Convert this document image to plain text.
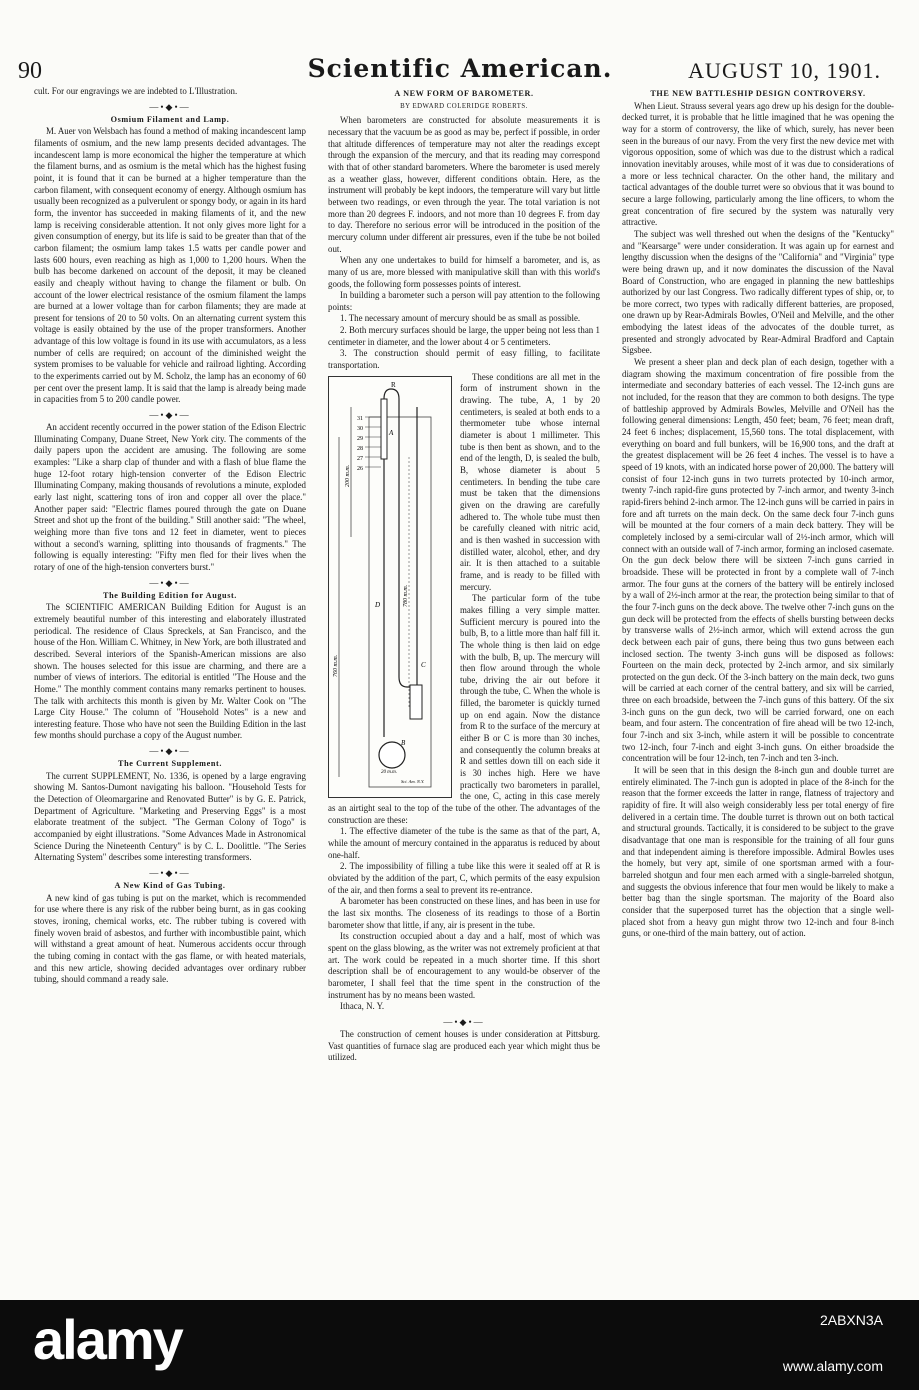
90	Scientific American.	AUGUST 10, 1901.

cult. For our engravings we are indebted to L'Illustration.

—•◆•—
Osmium Filament and Lamp.

M. Auer von Welsbach has found a method of making incandescent lamp filaments of osmium, and the new lamp presents decided advantages. The incandescent lamp is more economical the higher the temperature at which the filament burns, and as osmium is the metal which has the highest fusing point, it is found that it can be burned at a higher temperature than the carbon filament, with consequent economy of energy. Although osmium has usually been recognized as a pulverulent or spongy body, or again in its hard form, the inventor has succeeded in making filaments of it, and the new lamp is receiving considerable attention. It not only gives more light for a given consumption of energy, but its life is said to be greater than that of the carbon filament; the osmium lamp takes 1.5 watts per candle power and lasts 600 hours, even reaching as high as 1,000 to 1,200 hours. When the bulb has become darkened on account of the deposit, it may be cleaned easily and cheaply without having to change the filament or bulb. On account of the lower electrical resistance of the osmium filament the lamps are burned at a lower voltage than for carbon filaments; they are made at present for tensions of 20 to 50 volts. On an alternating current system this voltage is easily obtained by the use of the proper transformers. Another advantage of this low voltage is found in its use with accumulators, as a less number of cells are required; on account of the diminished weight the system promises to be valuable for vehicle and railroad lighting. According to the experiments carried out by M. Scholz, the lamp has an economy of 60 per cent over the present lamp. It is said that the lamp is already being made in capacities from 5 to 200 candle power.

—•◆•—

An accident recently occurred in the power station of the Edison Electric Illuminating Company, Duane Street, New York city. The comments of the daily papers upon the accident are amusing. The following are some examples: "Like a sharp clap of thunder and with a flash of blue flame the huge 12-foot rotary high-tension converter of the Edison Electric Illuminating Company, making thousands of revolutions a minute, exploded early last night, scattering tons of iron and copper all over the place." Another paper said: "Electric flames poured through the gate on Duane Street and shot up the front of the building." Still another said: "The wheel, weighing more than five tons and 12 feet in diameter, went to pieces without a second's warning, splitting into thousands of fragments." The following is equally interesting: "Fifty men fled for their lives when the rotary of one of the high-tension converters burst."

—•◆•—
The Building Edition for August.

The SCIENTIFIC AMERICAN Building Edition for August is an extremely beautiful number of this interesting and elaborately illustrated periodical. The residence of Claus Spreckels, at San Francisco, and the house of the Hon. William C. Whitney, in New York, are both illustrated and described. Several interiors of the Spanish-American missions are also shown. The houses selected for this issue are charming, and there are a number of views of interiors. The editorial is entitled "The House and the Home." The monthly comment contains many remarks pertinent to houses. The talk with architects this month is given by Mr. Walter Cook on "The Large City House." The column of "Household Notes" is a new and interesting feature. Those who have not seen the Building Edition in the last few months should purchase a copy of the August number.

—•◆•—
The Current Supplement.

The current SUPPLEMENT, No. 1336, is opened by a large engraving showing M. Santos-Dumont navigating his balloon. "Household Tests for the Detection of Oleomargarine and Renovated Butter" is by G. E. Patrick, Department of Agriculture. "Marketing and Preserving Eggs" is a most elaborate treatment of the subject. "The German Colony of Togo" is accompanied by eight illustrations. "Some Advances Made in Astronomical Science During the Nineteenth Century" is by C. L. Doolittle. "The Series Alternating System" describes some interesting transformers.

—•◆•—
A New Kind of Gas Tubing.

A new kind of gas tubing is put on the market, which is recommended for use where there is any risk of the rubber being burnt, as in gas cooking stoves, ironing, chemical works, etc. The rubber tubing is covered with finely woven braid of asbestos, and further with incombustible paint, which will withstand a great amount of heat. Numerous accidents occur through the tubing coming in contact with the gas flame, or with heated materials, and this new article, showing decided advantages over ordinary rubber tubing, should command a ready sale.

A NEW FORM OF BAROMETER.
BY EDWARD COLERIDGE ROBERTS.

When barometers are constructed for absolute measurements it is necessary that the vacuum be as good as may be, perfect if possible, in order that altitude differences of temperature may not alter the readings except through the expansion of the mercury, and that its reading may correspond with that of other standard barometers. Where the barometer is used merely as a weather glass, however, different conditions obtain. Here, as the instrument will probably be kept indoors, the temperature will vary but little between two readings, or even through the year. The total variation is not more than 20 degrees F. indoors, and not more than 10 degrees F. from day to day. Therefore no serious error will be introduced in the position of the mercury column under different air pressures, even if the tube be not boiled out.

When any one undertakes to build for himself a barometer, and is, as many of us are, more blessed with manipulative skill than with this world's goods, the following form possesses points of interest.

In building a barometer such a person will pay attention to the following points:

1. The necessary amount of mercury should be as small as possible.

2. Both mercury surfaces should be large, the upper being not less than 1 centimeter in diameter, and the lower about 4 or 5 centimeters.

3. The construction should permit of easy filling, to facilitate transportation.

R
31
30
29
28
27
26
A
D
C
B
200 m.m.
780 m.m.
760 m.m.
20 m.m.
Sci. Am. N.Y.

These conditions are all met in the form of instrument shown in the drawing. The tube, A, 1 by 20 centimeters, is sealed at both ends to a thermometer tube whose internal diameter is about 1 millimeter. This tube is then bent as shown, and to the end of the length, D, is sealed the bulb, B, whose diameter is about 5 centimeters. In bending the tube care must be taken that the dimensions given on the drawing are carefully adhered to. The whole tube must then be carefully cleaned with nitric acid, and is then washed in succession with distilled water, alcohol, ether, and dry air. It is then attached to a suitable frame, and is ready to be filled with mercury.

The particular form of the tube makes filling a very simple matter. Sufficient mercury is poured into the bulb, B, to a little more than half fill it. The whole thing is then laid on edge with the bulb, B, up. The mercury will then flow around through the whole tube, driving the air out before it through the tube, C. When the whole is filled, the barometer is quickly turned up on end again. Now the distance from R to the surface of the mercury at either B or C is more than 30 inches, and consequently the column breaks at R and settles down till on each side it is 30 inches high. Here we have practically two barometers in parallel, the one, C, acting in this case merely as an airtight seal to the top of the tube of the other. The advantages of the construction are these:

1. The effective diameter of the tube is the same as that of the part, A, while the amount of mercury contained in the apparatus is reduced by about one-half.

2. The impossibility of filling a tube like this were it sealed off at R is obviated by the addition of the part, C, which permits of the easy expulsion of the air, and then forms a seal to prevent its re-entrance.

A barometer has been constructed on these lines, and has been in use for the last six months. The closeness of its readings to those of a Bortin barometer show that little, if any, air is present in the tube.

Its construction occupied about a day and a half, most of which was spent on the glass blowing, as the writer was not extremely proficient at that art. The work could be repeated in a much shorter time. If this short description shall be of encouragement to any would-be observer of the barometer, I shall feel that the time spent in the construction of the instrument has by no means been wasted.

Ithaca, N. Y.

—•◆•—

The construction of cement houses is under consideration at Pittsburg. Vast quantities of furnace slag are produced each year which might thus be utilized.

THE NEW BATTLESHIP DESIGN CONTROVERSY.

When Lieut. Strauss several years ago drew up his design for the double-decked turret, it is probable that he little imagined that he was opening the way for a storm of controversy, the like of which, surely, has never been seen in the bureaus of our navy. From the very first the new device met with vigorous opposition, some of which was due to the distrust which a radical innovation inevitably arouses, while most of it was due to considerations of a more or less technical character. On the other hand, the military and tactical advantages of the double turret were so obvious that it was bound to secure a large following, particularly among the line officers, to whom the great concentration of fire secured by the system was naturally very attractive.

The subject was well threshed out when the designs of the "Kentucky" and "Kearsarge" were under consideration. It was again up for earnest and lengthy discussion when the designs of the "California" and "Virginia" type were being drawn up, and it now dominates the discussion of the Naval Board of Construction, who are engaged in planning the new battleships authorized by our last Congress. Two radically different types of ship, or, to be more correct, two types with radically different batteries, are proposed, one drawn up by Rear-Admirals Bowles, O'Neil and Melville, and the other embodying the latest ideas of the advocates of the double turret, as presented and strongly advocated by Rear-Admiral Bradford and Captain Sigsbee.

We present a sheer plan and deck plan of each design, together with a diagram showing the maximum concentration of fire possible from the intermediate and secondary batteries of each vessel. The 12-inch guns are not included, for the reason that they are common to both designs. The type of battleship approved by Admirals Bowles, Melville and O'Neil has the following general dimensions: Length, 450 feet; beam, 76 feet; mean draft, 24 feet 6 inches; displacement, 15,560 tons. The total displacement, with everything on board and full bunkers, will be 16,900 tons, and the draft at the greatest displacement will be 26 feet 4 inches. The vessel is to have a speed of 19 knots, with an indicated horse power of 20,000. The battery will consist of four 12-inch guns in two turrets protected by 10-inch armor, twenty 7-inch rapid-fire guns protected by 7-inch armor, and twenty 3-inch rapid-firers behind 2-inch armor. The 12-inch guns will be carried in pairs in fore and aft turrets on the main deck. On the same deck four 7-inch guns will be mounted at the four corners of a main deck battery. They will be completely inclosed by a semi-circular wall of 2½-inch armor, which will connect with an outside wall of 7-inch armor, forming an inclosed casemate. On the gun deck below there will be sixteen 7-inch guns carried in broadside. These will be protected in front by a complete wall of 7-inch armor. The four guns at the corners of the battery will be entirely inclosed by a wall of 2½-inch armor at the rear, the protection being similar to that of the four 7-inch guns on the deck above. The twelve other 7-inch guns on the gun deck will be protected from the effects of shells bursting between decks by transverse walls of 2½-inch armor, which will extend across the gun deck between each pair of guns, there being thus two guns between each inclosed section. The twenty 3-inch guns will be disposed as follows: Fourteen on the main deck, protected by 2-inch armor, and six similarly protected on the gun deck. Of the 3-inch battery on the main deck, two guns will be carried at each corner of the central battery, and six will be carried, three on each broadside, between the 7-inch guns of this battery. Of the six 3-inch guns on the gun deck, two will be carried forward, one on each beam, and four astern. The concentration of fire ahead will be two 12-inch, four 7-inch and six 3-inch, while astern it will be possible to concentrate two 12-inch, four 7-inch and eight 3-inch guns. On either broadside the concentration will be four 12-inch, ten 7-inch and ten 3-inch.

It will be seen that in this design the 8-inch gun and double turret are entirely eliminated. The 7-inch gun is adopted in place of the 8-inch for the reason that the former exceeds the latter in range, flatness of trajectory and rapidity of fire. It will also weigh considerably less per total energy of fire delivered in a certain time. The double turret is thrown out on both tactical and structural grounds. Tactically, it is considered to be subject to the grave disadvantage that one man is responsible for the training of all four guns and that independent aiming is therefore impossible. Admiral Bowles uses the homely, but very apt, simile of one sportsman armed with a four-barreled shotgun and four men each armed with a single-barreled shotgun, and suggests the obvious inference that four men would be likely to make a better bag than the single sportsman. The majority of the Board also consider that the superposed turret has the objection that a single well-placed shot from a heavy gun might throw two 12-inch and four 8-inch guns, or one-third of the main battery, out of action.

alamy	2ABXN3A
www.alamy.com
